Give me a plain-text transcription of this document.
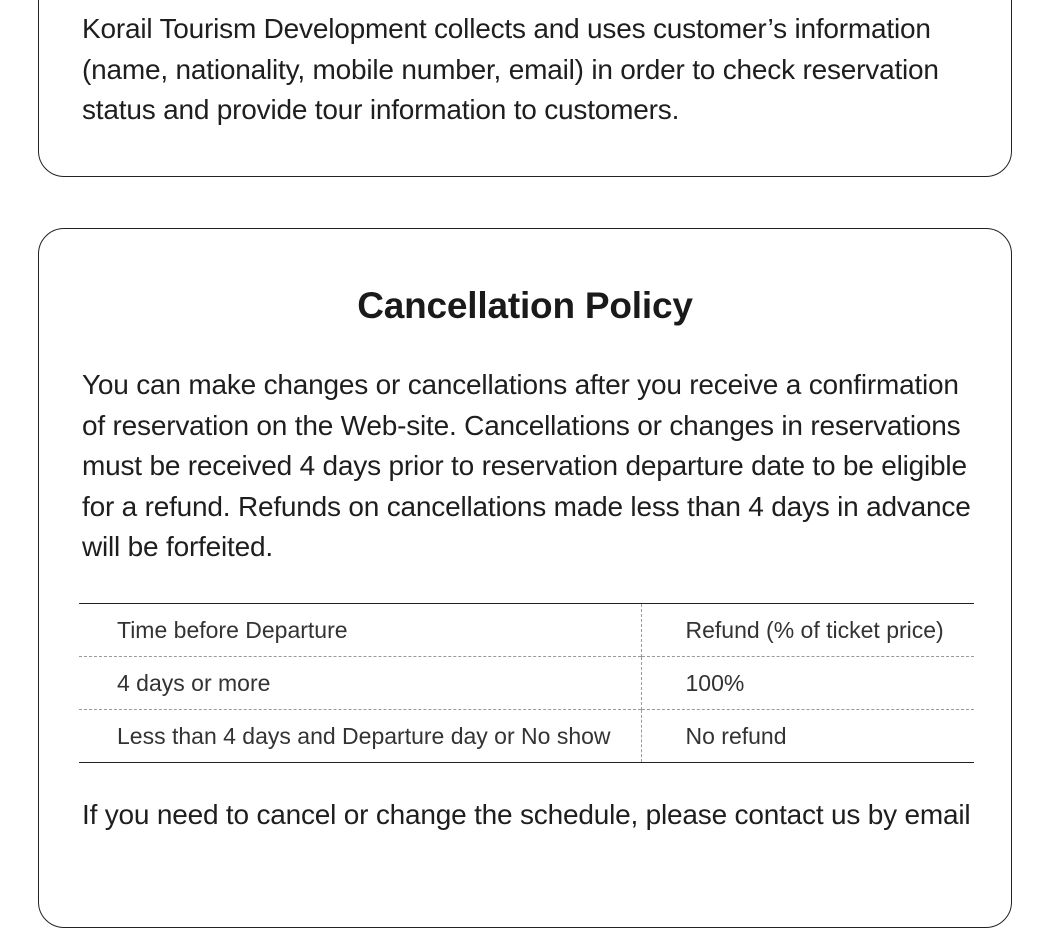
Korail Tourism Development collects and uses customer’s information (name, nationality, mobile number, email) in order to check reservation status and provide tour information to customers.

Cancellation Policy

You can make changes or cancellations after you receive a confirmation of reservation on the Web-site. Cancellations or changes in reservations must be received 4 days prior to reservation departure date to be eligible for a refund. Refunds on cancellations made less than 4 days in advance will be forfeited.

Time before Departure	Refund (% of ticket price)
4 days or more	100%
Less than 4 days and Departure day or No show	No refund

If you need to cancel or change the schedule, please contact us by email
